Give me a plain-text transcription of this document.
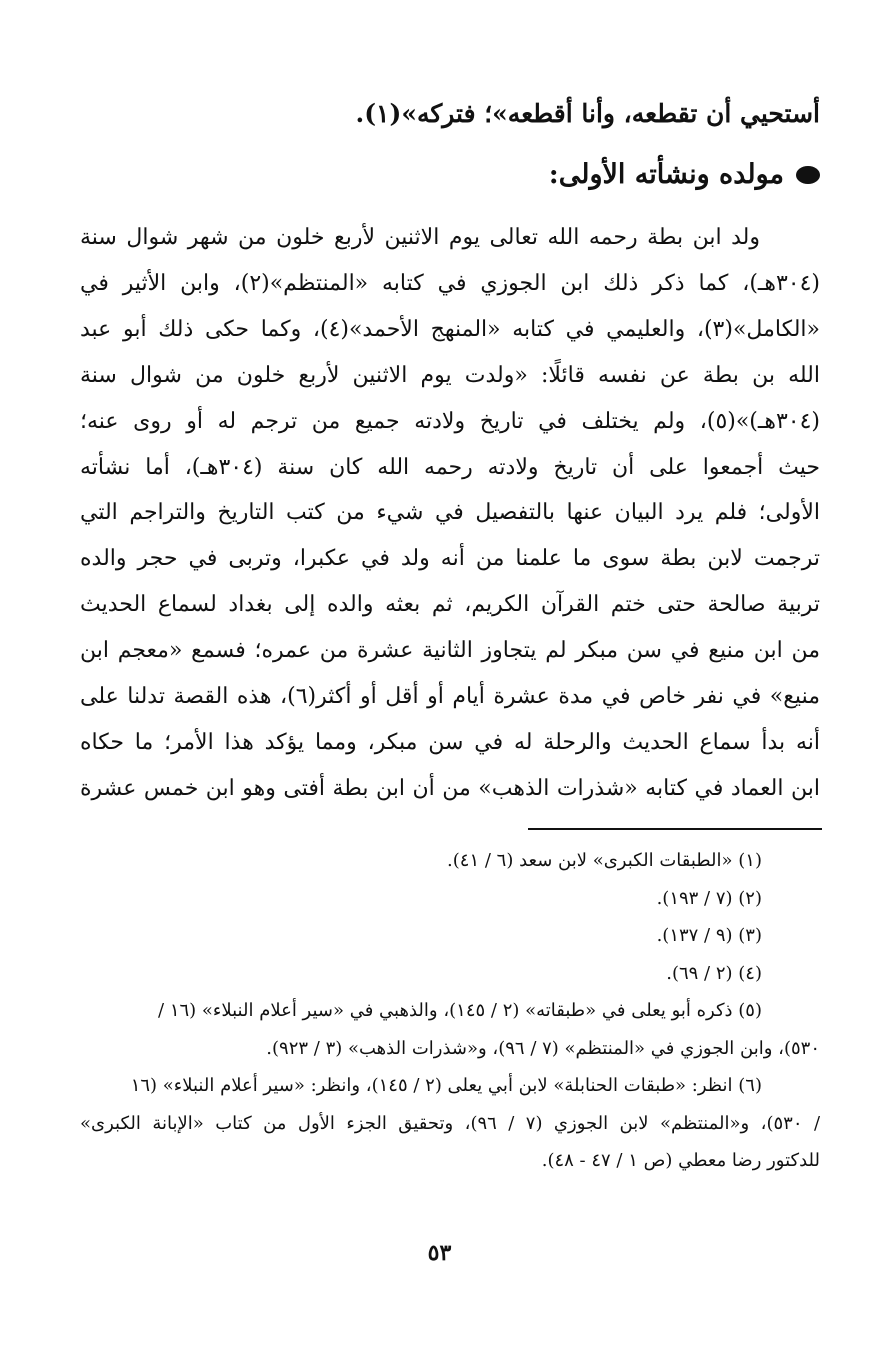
أستحيي أن تقطعه، وأنا أقطعه»؛ فتركه»(١).
مولده ونشأته الأولى:
ولد ابن بطة رحمه الله تعالى يوم الاثنين لأربع خلون من شهر شوال سنة
(٣٠٤هـ)، كما ذكر ذلك ابن الجوزي في كتابه «المنتظم»(٢)، وابن الأثير في
«الكامل»(٣)، والعليمي في كتابه «المنهج الأحمد»(٤)، وكما حكى ذلك أبو عبد
الله بن بطة عن نفسه قائلًا: «ولدت يوم الاثنين لأربع خلون من شوال سنة
(٣٠٤هـ)»(٥)، ولم يختلف في تاريخ ولادته جميع من ترجم له أو روى عنه؛
حيث أجمعوا على أن تاريخ ولادته رحمه الله كان سنة (٣٠٤هـ)، أما نشأته
الأولى؛ فلم يرد البيان عنها بالتفصيل في شيء من كتب التاريخ والتراجم التي
ترجمت لابن بطة سوى ما علمنا من أنه ولد في عكبرا، وتربى في حجر والده
تربية صالحة حتى ختم القرآن الكريم، ثم بعثه والده إلى بغداد لسماع الحديث
من ابن منيع في سن مبكر لم يتجاوز الثانية عشرة من عمره؛ فسمع «معجم ابن
منيع» في نفر خاص في مدة عشرة أيام أو أقل أو أكثر(٦)، هذه القصة تدلنا على
أنه بدأ سماع الحديث والرحلة له في سن مبكر، ومما يؤكد هذا الأمر؛ ما حكاه
ابن العماد في كتابه «شذرات الذهب» من أن ابن بطة أفتى وهو ابن خمس عشرة
(١) «الطبقات الكبرى» لابن سعد (٦ / ٤١).
(٢) (٧ / ١٩٣).
(٣) (٩ / ١٣٧).
(٤) (٢ / ٦٩).
(٥) ذكره أبو يعلى في «طبقاته» (٢ / ١٤٥)، والذهبي في «سير أعلام النبلاء» (١٦ /
٥٣٠)، وابن الجوزي في «المنتظم» (٧ / ٩٦)، و«شذرات الذهب» (٣ / ٩٢٣).
(٦) انظر: «طبقات الحنابلة» لابن أبي يعلى (٢ / ١٤٥)، وانظر: «سير أعلام النبلاء» (١٦
/ ٥٣٠)، و«المنتظم» لابن الجوزي (٧ / ٩٦)، وتحقيق الجزء الأول من كتاب «الإبانة الكبرى»
للدكتور رضا معطي (ص ١ / ٤٧ - ٤٨).
٥٣
